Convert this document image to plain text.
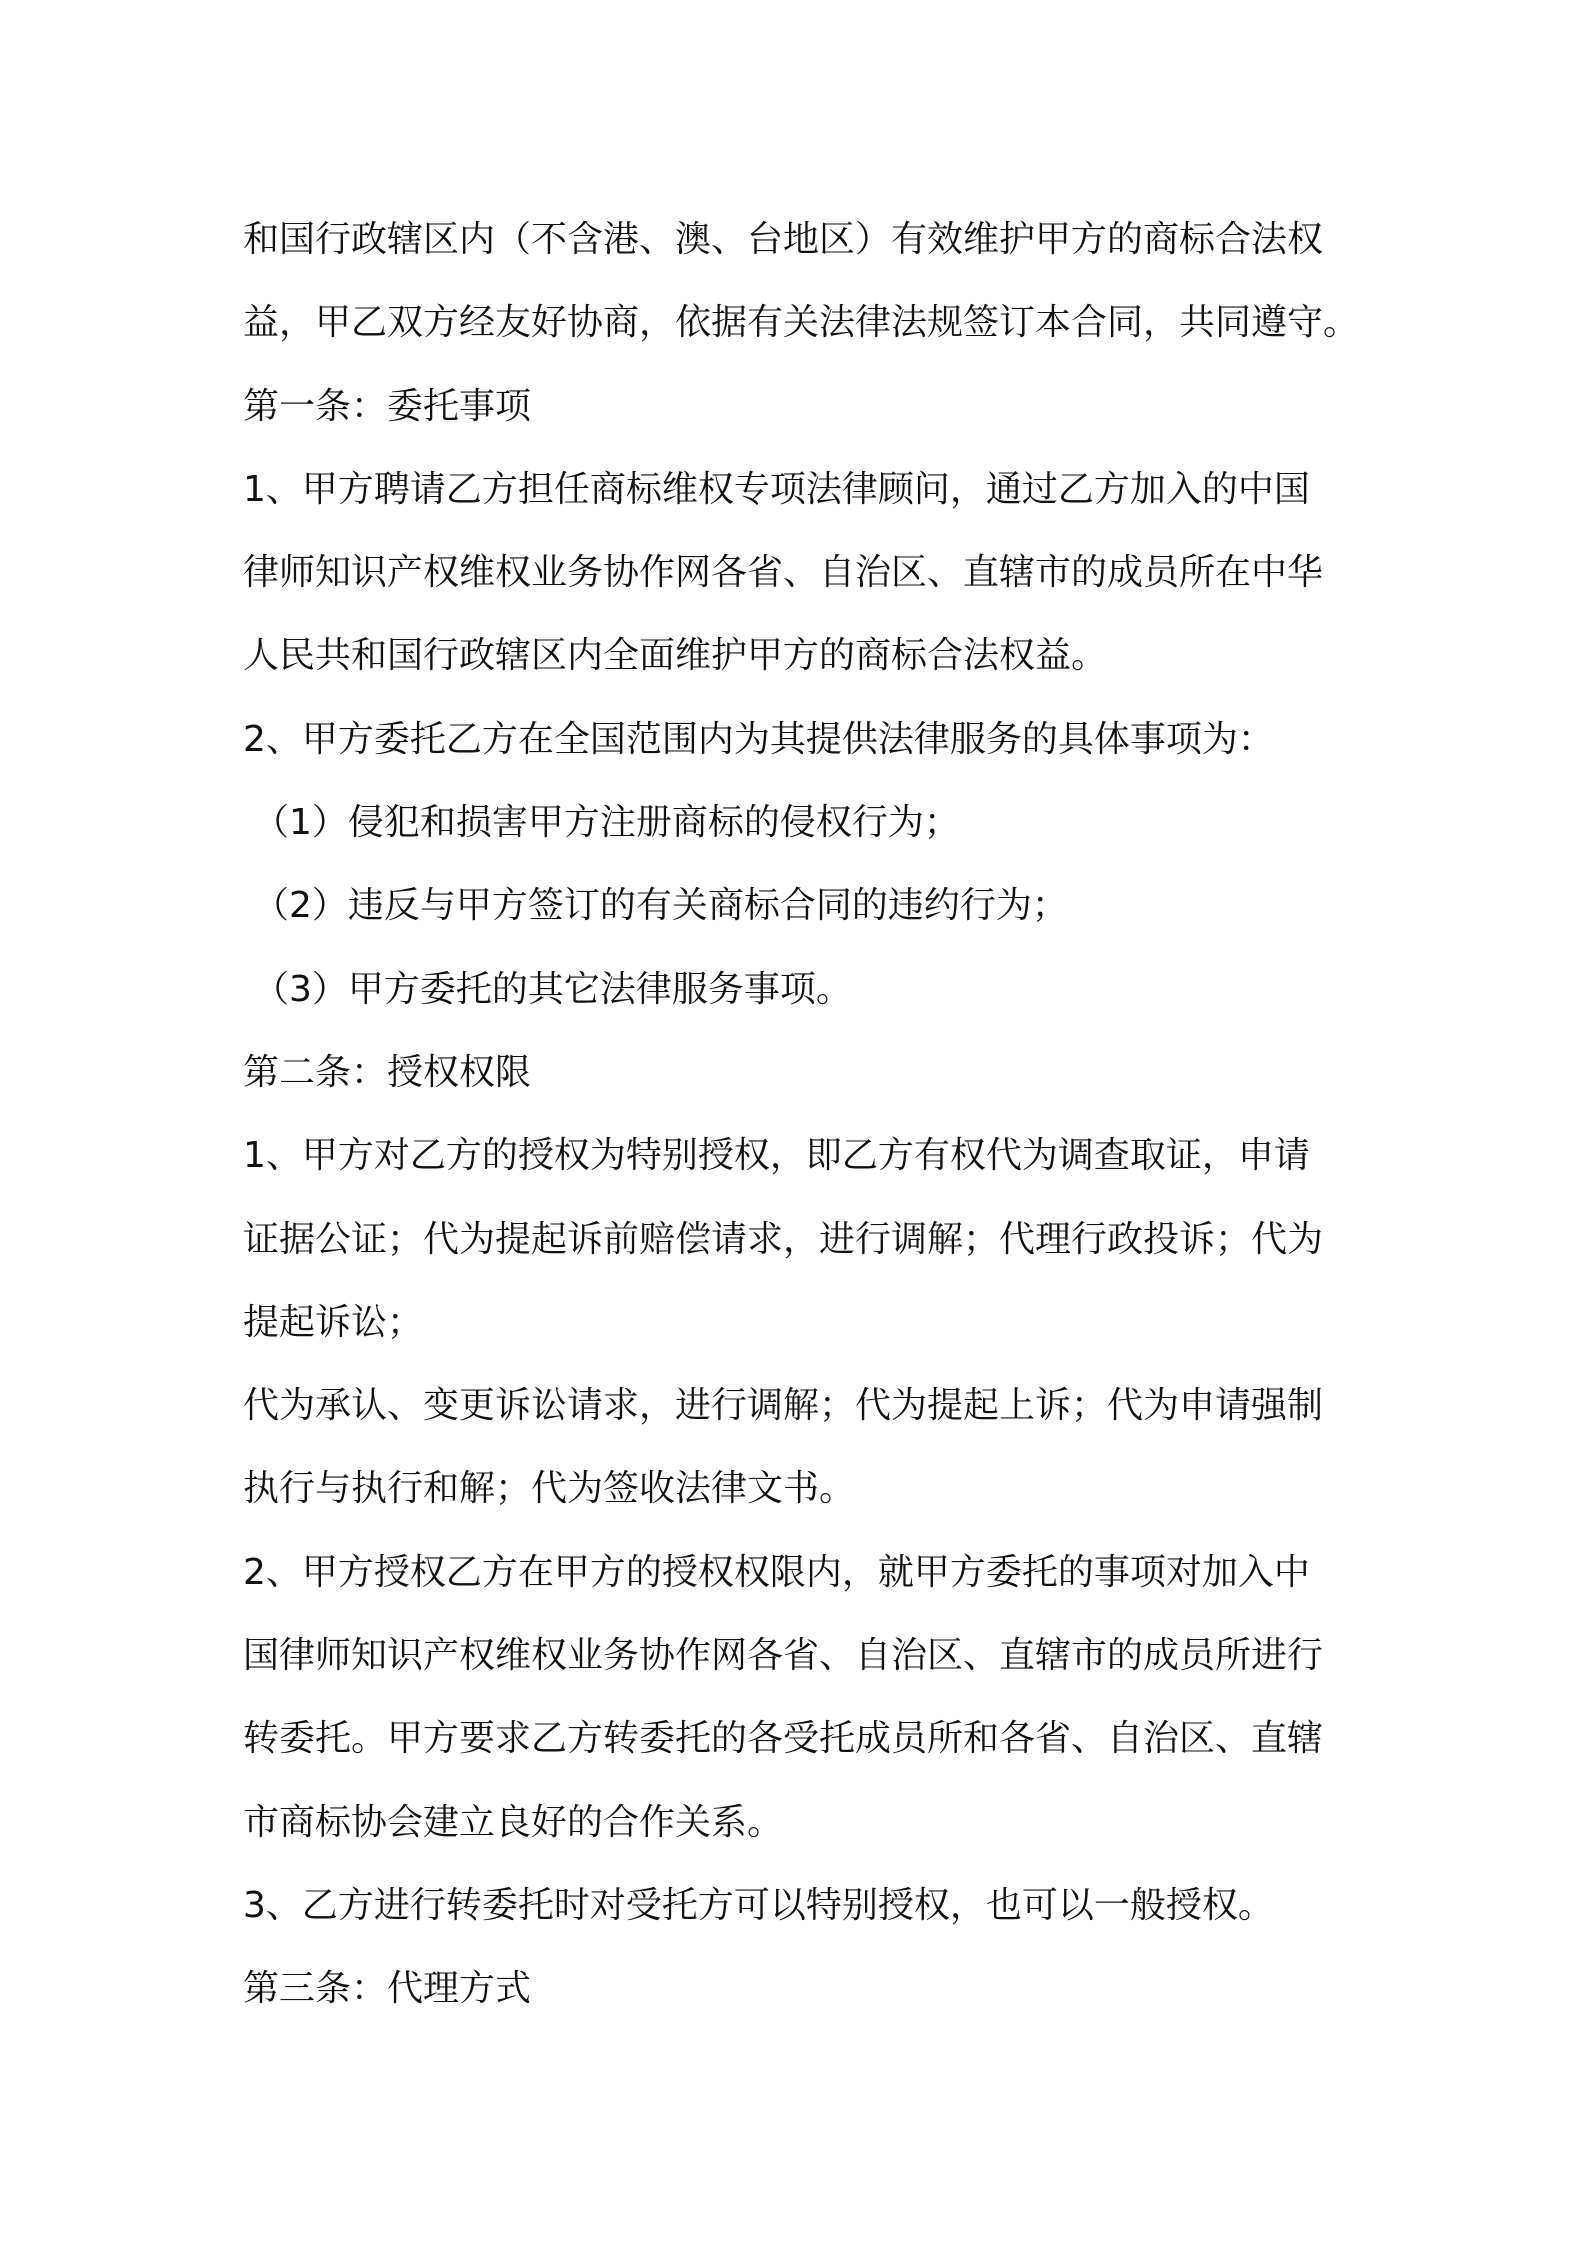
和国行政辖区内（不含港、澳、台地区）有效维护甲方的商标合法权
益，甲乙双方经友好协商，依据有关法律法规签订本合同，共同遵守。
第一条：委托事项
1、甲方聘请乙方担任商标维权专项法律顾问，通过乙方加入的中国
律师知识产权维权业务协作网各省、自治区、直辖市的成员所在中华
人民共和国行政辖区内全面维护甲方的商标合法权益。
2、甲方委托乙方在全国范围内为其提供法律服务的具体事项为：
（1）侵犯和损害甲方注册商标的侵权行为；
（2）违反与甲方签订的有关商标合同的违约行为；
（3）甲方委托的其它法律服务事项。
第二条：授权权限
1、甲方对乙方的授权为特别授权，即乙方有权代为调查取证，申请
证据公证；代为提起诉前赔偿请求，进行调解；代理行政投诉；代为
提起诉讼；
代为承认、变更诉讼请求，进行调解；代为提起上诉；代为申请强制
执行与执行和解；代为签收法律文书。
2、甲方授权乙方在甲方的授权权限内，就甲方委托的事项对加入中
国律师知识产权维权业务协作网各省、自治区、直辖市的成员所进行
转委托。甲方要求乙方转委托的各受托成员所和各省、自治区、直辖
市商标协会建立良好的合作关系。
3、乙方进行转委托时对受托方可以特别授权，也可以一般授权。
第三条：代理方式
